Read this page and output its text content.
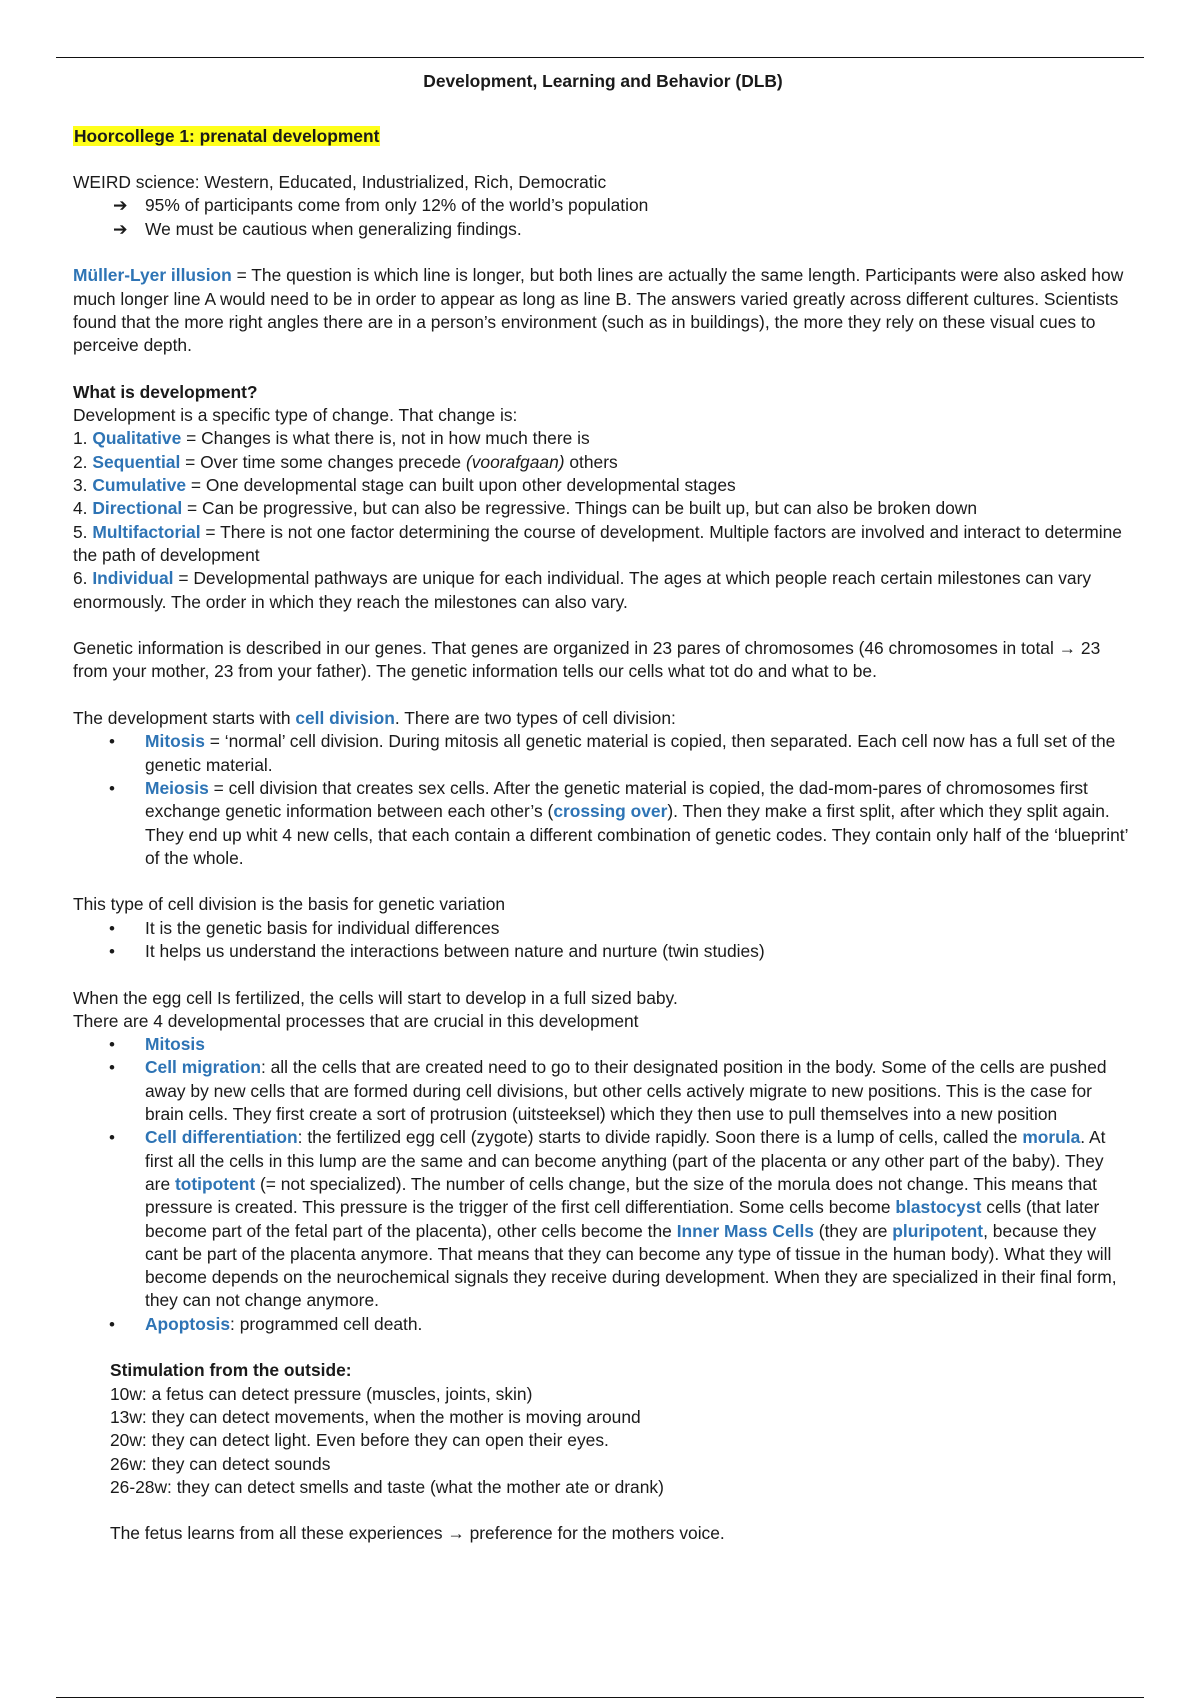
Development, Learning and Behavior (DLB)

Hoorcollege 1: prenatal development

WEIRD science: Western, Educated, Industrialized, Rich, Democratic

➔ 95% of participants come from only 12% of the world’s population
➔ We must be cautious when generalizing findings.

Müller-Lyer illusion = The question is which line is longer, but both lines are actually the same length. Participants were also asked how much longer line A would need to be in order to appear as long as line B. The answers varied greatly across different cultures. Scientists found that the more right angles there are in a person’s environment (such as in buildings), the more they rely on these visual cues to perceive depth.

What is development?

Development is a specific type of change. That change is:

1. Qualitative = Changes is what there is, not in how much there is

2. Sequential = Over time some changes precede (voorafgaan) others

3. Cumulative = One developmental stage can built upon other developmental stages

4. Directional = Can be progressive, but can also be regressive. Things can be built up, but can also be broken down

5. Multifactorial = There is not one factor determining the course of development. Multiple factors are involved and interact to determine the path of development

6. Individual = Developmental pathways are unique for each individual. The ages at which people reach certain milestones can vary enormously. The order in which they reach the milestones can also vary.

Genetic information is described in our genes. That genes are organized in 23 pares of chromosomes (46 chromosomes in total → 23 from your mother, 23 from your father). The genetic information tells our cells what tot do and what to be.

The development starts with cell division. There are two types of cell division:

• Mitosis = ‘normal’ cell division. During mitosis all genetic material is copied, then separated. Each cell now has a full set of the genetic material.
• Meiosis = cell division that creates sex cells. After the genetic material is copied, the dad-mom-pares of chromosomes first exchange genetic information between each other’s (crossing over). Then they make a first split, after which they split again. They end up whit 4 new cells, that each contain a different combination of genetic codes. They contain only half of the ‘blueprint’ of the whole.

This type of cell division is the basis for genetic variation

• It is the genetic basis for individual differences
• It helps us understand the interactions between nature and nurture (twin studies)

When the egg cell Is fertilized, the cells will start to develop in a full sized baby.

There are 4 developmental processes that are crucial in this development

• Mitosis
• Cell migration: all the cells that are created need to go to their designated position in the body. Some of the cells are pushed away by new cells that are formed during cell divisions, but other cells actively migrate to new positions. This is the case for brain cells. They first create a sort of protrusion (uitsteeksel) which they then use to pull themselves into a new position
• Cell differentiation: the fertilized egg cell (zygote) starts to divide rapidly. Soon there is a lump of cells, called the morula. At first all the cells in this lump are the same and can become anything (part of the placenta or any other part of the baby). They are totipotent (= not specialized). The number of cells change, but the size of the morula does not change. This means that pressure is created. This pressure is the trigger of the first cell differentiation. Some cells become blastocyst cells (that later become part of the fetal part of the placenta), other cells become the Inner Mass Cells (they are pluripotent, because they cant be part of the placenta anymore. That means that they can become any type of tissue in the human body). What they will become depends on the neurochemical signals they receive during development. When they are specialized in their final form, they can not change anymore.
• Apoptosis: programmed cell death.

Stimulation from the outside:

10w: a fetus can detect pressure (muscles, joints, skin)

13w: they can detect movements, when the mother is moving around

20w: they can detect light. Even before they can open their eyes.

26w: they can detect sounds

26-28w: they can detect smells and taste (what the mother ate or drank)

The fetus learns from all these experiences → preference for the mothers voice.
